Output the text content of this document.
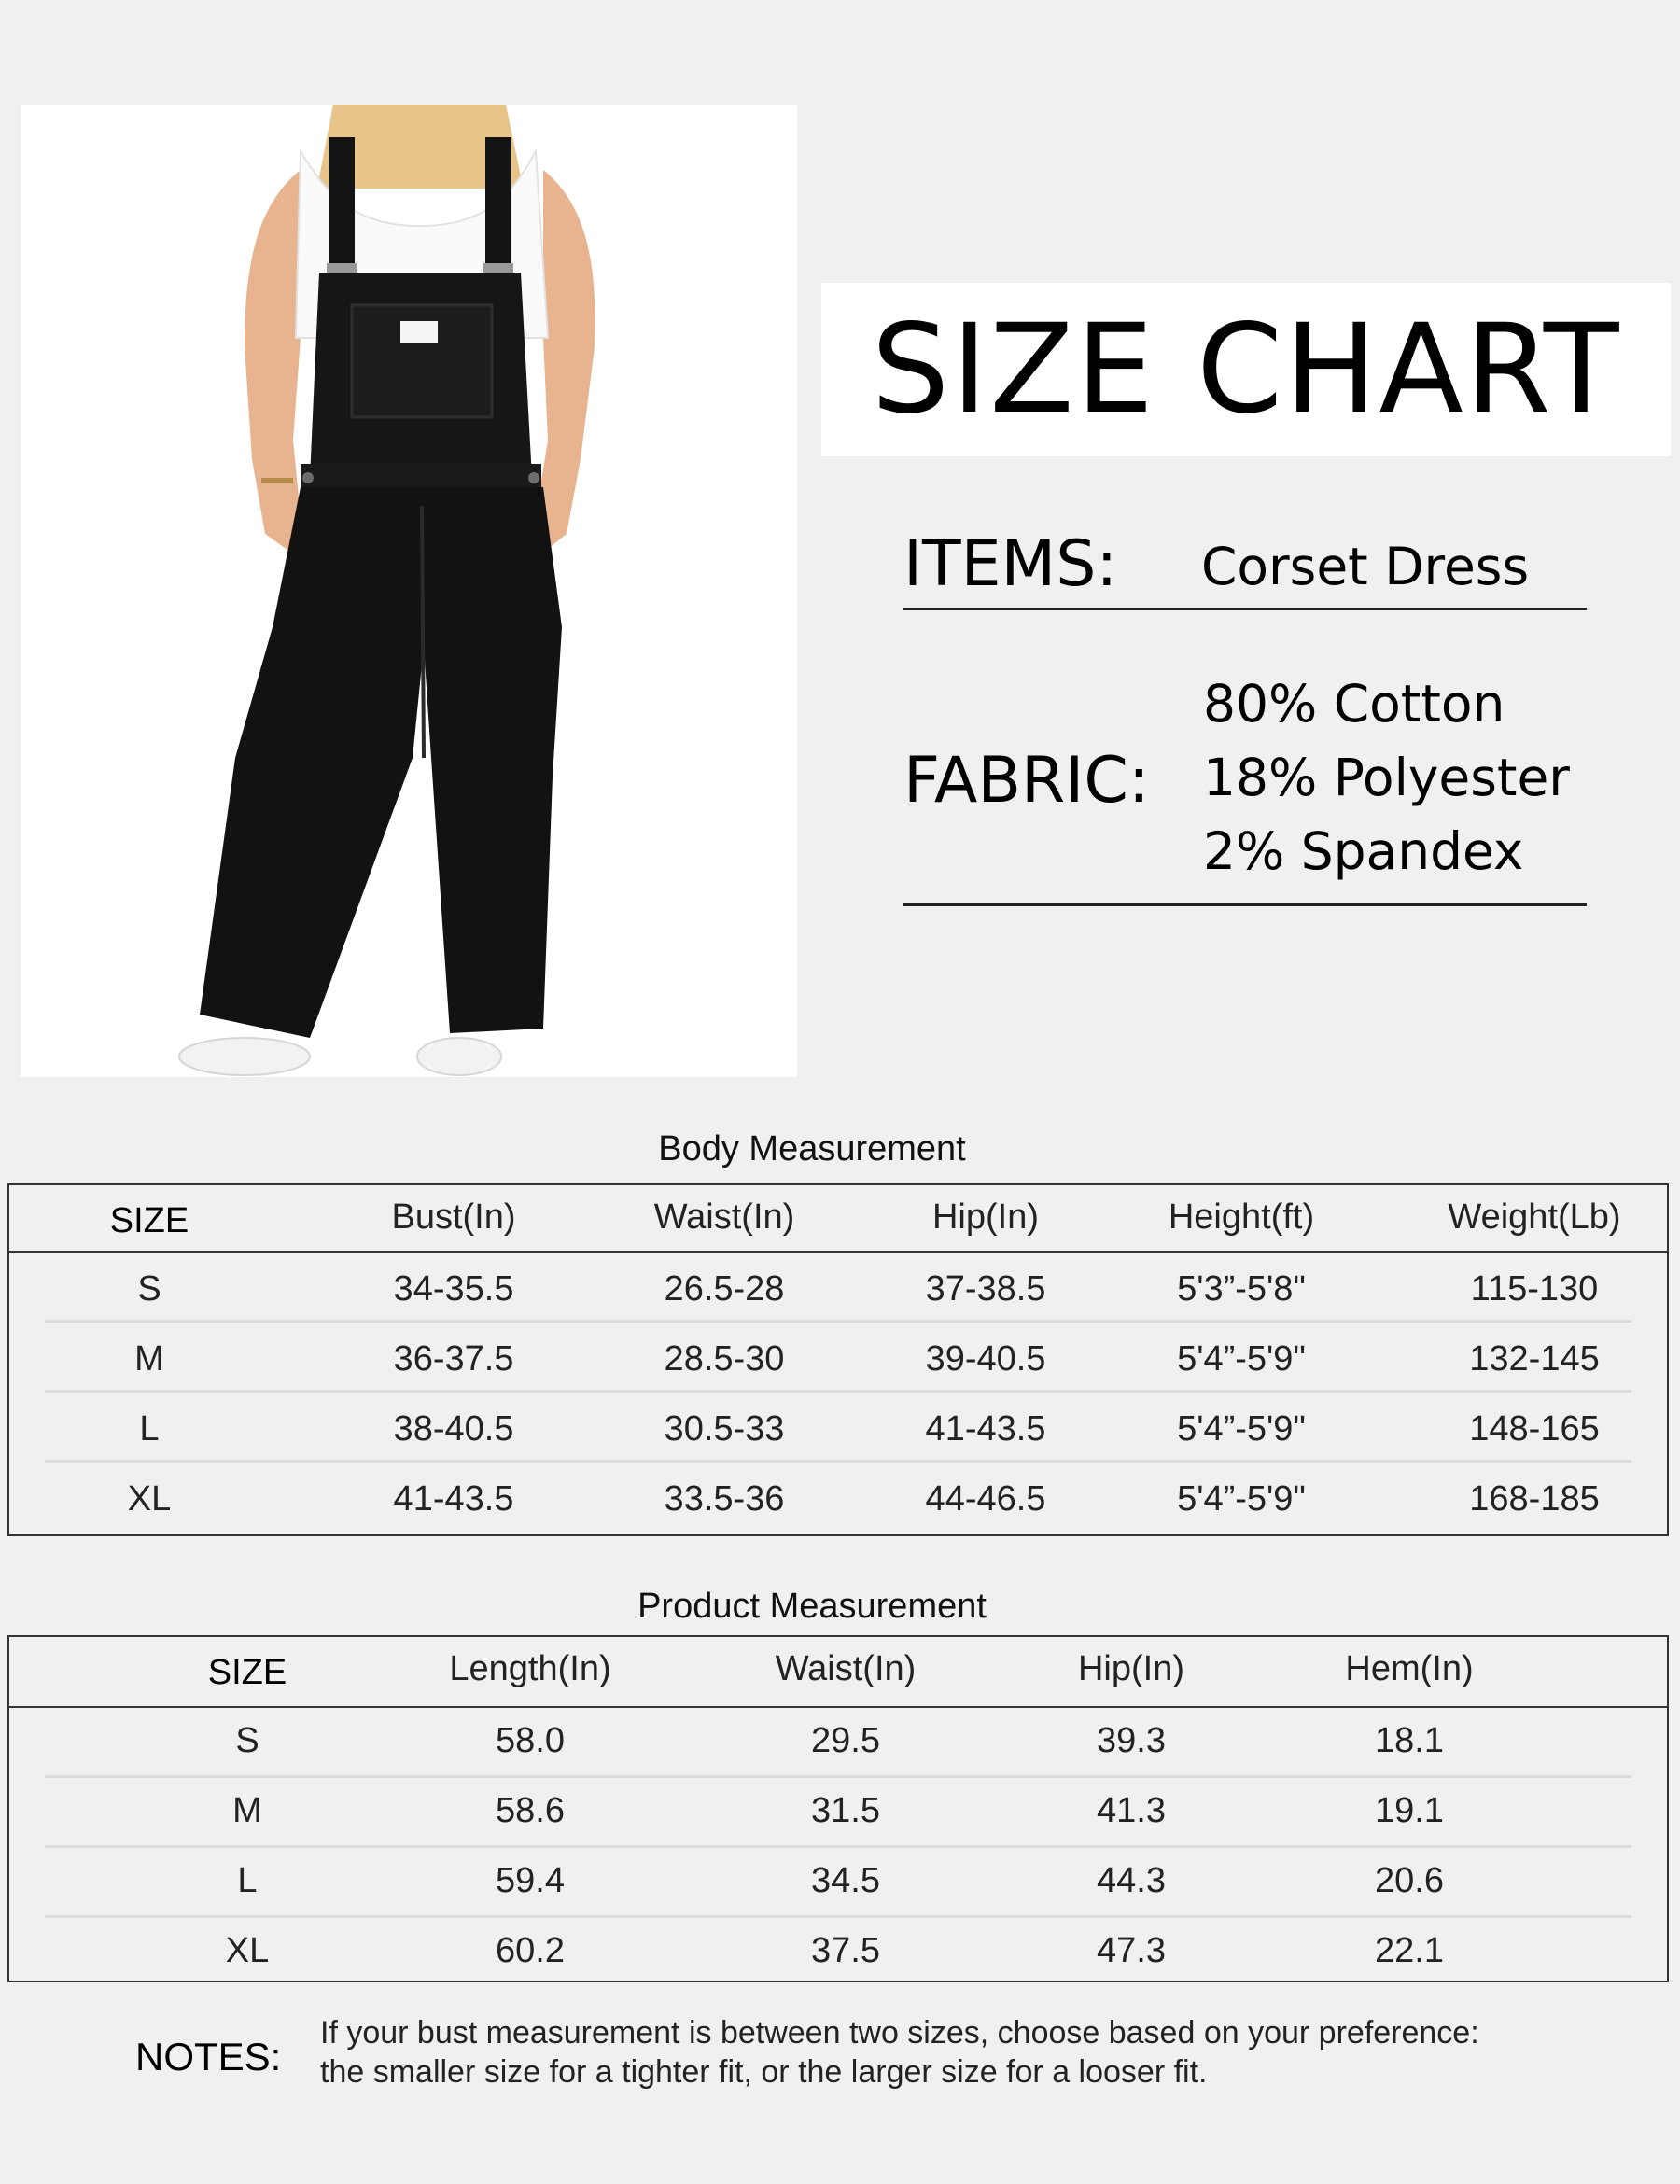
SIZE CHART
ITEMS: Corset Dress
FABRIC:
80% Cotton
18% Polyester
2% Spandex
Body Measurement
SIZE	Bust(In)	Waist(In)	Hip(In)	Height(ft)	Weight(Lb)
S	34-35.5	26.5-28	37-38.5	5'3”-5'8"	115-130
M	36-37.5	28.5-30	39-40.5	5'4”-5'9"	132-145
L	38-40.5	30.5-33	41-43.5	5'4”-5'9"	148-165
XL	41-43.5	33.5-36	44-46.5	5'4”-5'9"	168-185
Product Measurement
SIZE	Length(In)	Waist(In)	Hip(In)	Hem(In)
S	58.0	29.5	39.3	18.1
M	58.6	31.5	41.3	19.1
L	59.4	34.5	44.3	20.6
XL	60.2	37.5	47.3	22.1
NOTES:
If your bust measurement is between two sizes, choose based on your preference:
the smaller size for a tighter fit, or the larger size for a looser fit.
